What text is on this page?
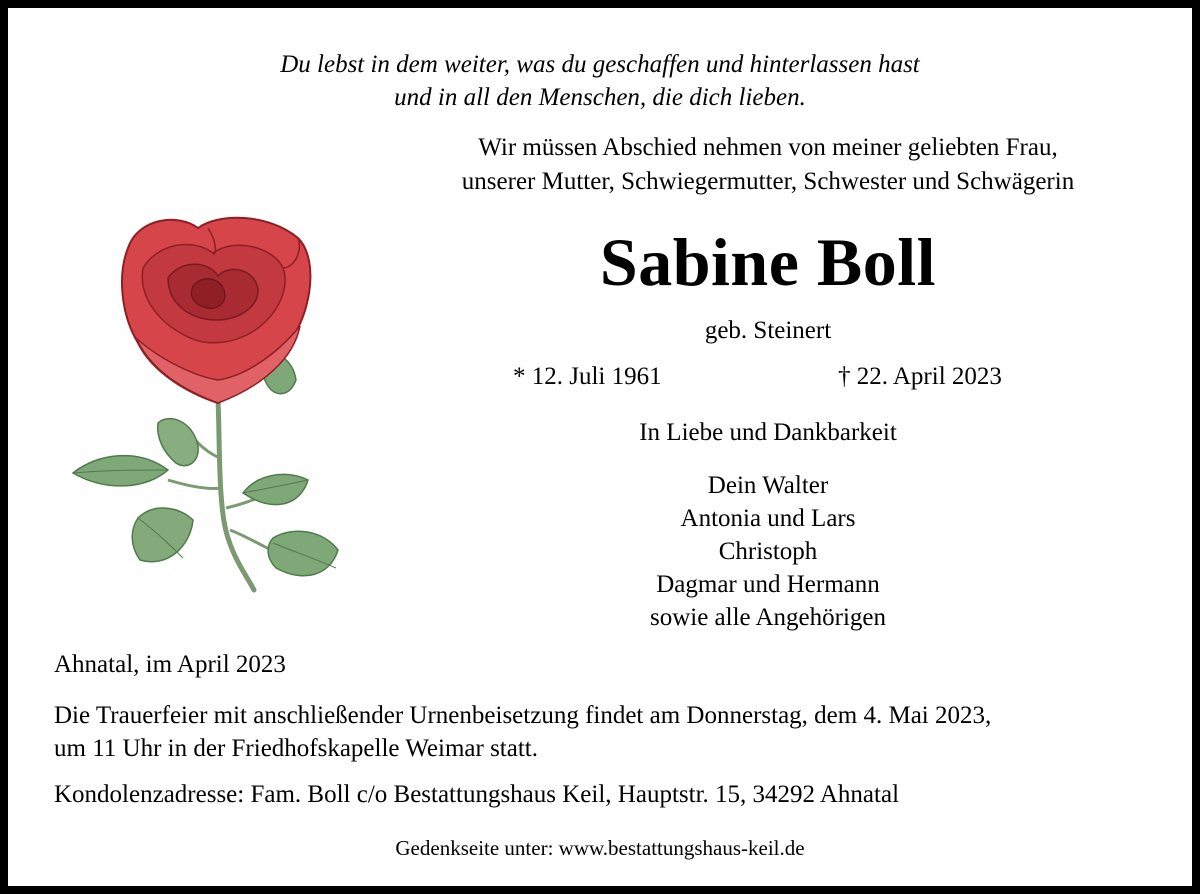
Du lebst in dem weiter, was du geschaffen und hinterlassen hast
und in all den Menschen, die dich lieben.
Wir müssen Abschied nehmen von meiner geliebten Frau,
unserer Mutter, Schwiegermutter, Schwester und Schwägerin
Sabine Boll
geb. Steinert
* 12. Juli 1961	† 22. April 2023
In Liebe und Dankbarkeit
Dein Walter
Antonia und Lars
Christoph
Dagmar und Hermann
sowie alle Angehörigen
Ahnatal, im April 2023
Die Trauerfeier mit anschließender Urnenbeisetzung findet am Donnerstag, dem 4. Mai 2023,
um 11 Uhr in der Friedhofskapelle Weimar statt.
Kondolenzadresse: Fam. Boll c/o Bestattungshaus Keil, Hauptstr. 15, 34292 Ahnatal
Gedenkseite unter: www.bestattungshaus-keil.de
